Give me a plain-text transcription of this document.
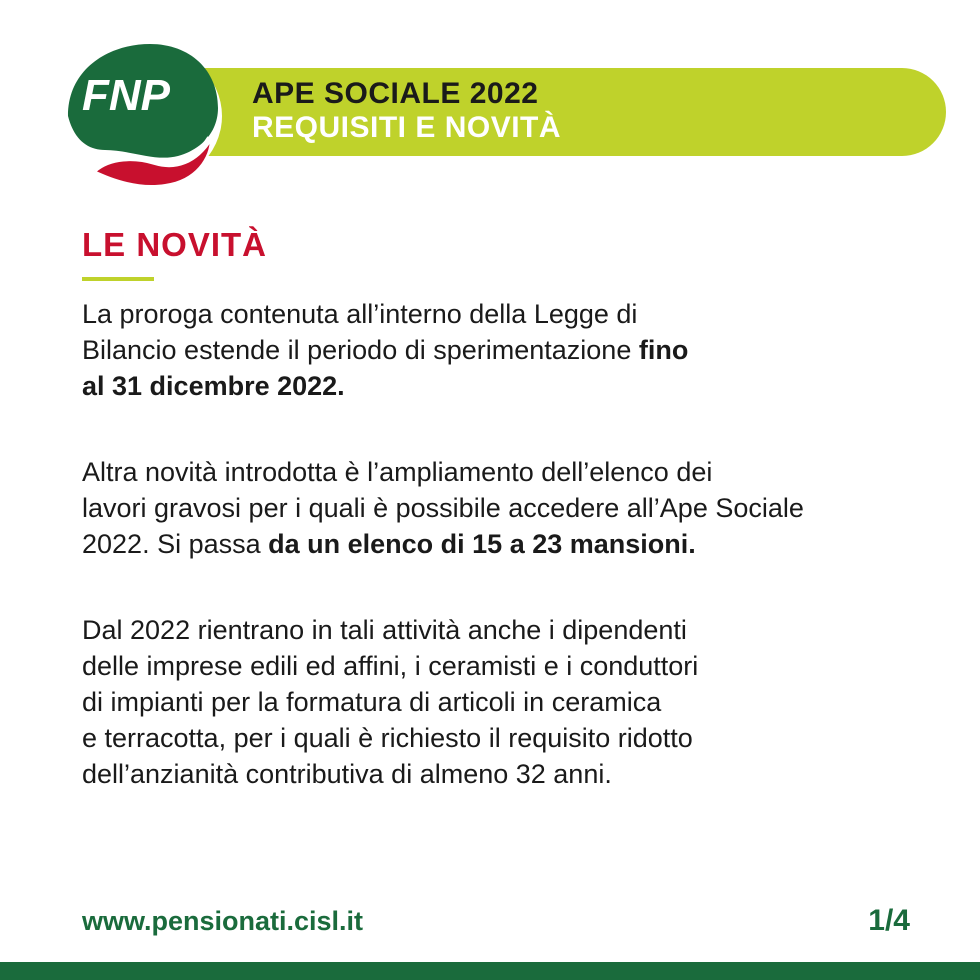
FNP	APE SOCIALE 2022
REQUISITI E NOVITÀ
LE NOVITÀ

La proroga contenuta all’interno della Legge di
Bilancio estende il periodo di sperimentazione fino
al 31 dicembre 2022.

Altra novità introdotta è l’ampliamento dell’elenco dei
lavori gravosi per i quali è possibile accedere all’Ape Sociale
2022. Si passa da un elenco di 15 a 23 mansioni.

Dal 2022 rientrano in tali attività anche i dipendenti
delle imprese edili ed affini, i ceramisti e i conduttori
di impianti per la formatura di articoli in ceramica
e terracotta, per i quali è richiesto il requisito ridotto
dell’anzianità contributiva di almeno 32 anni.

www.pensionati.cisl.it	1/4
